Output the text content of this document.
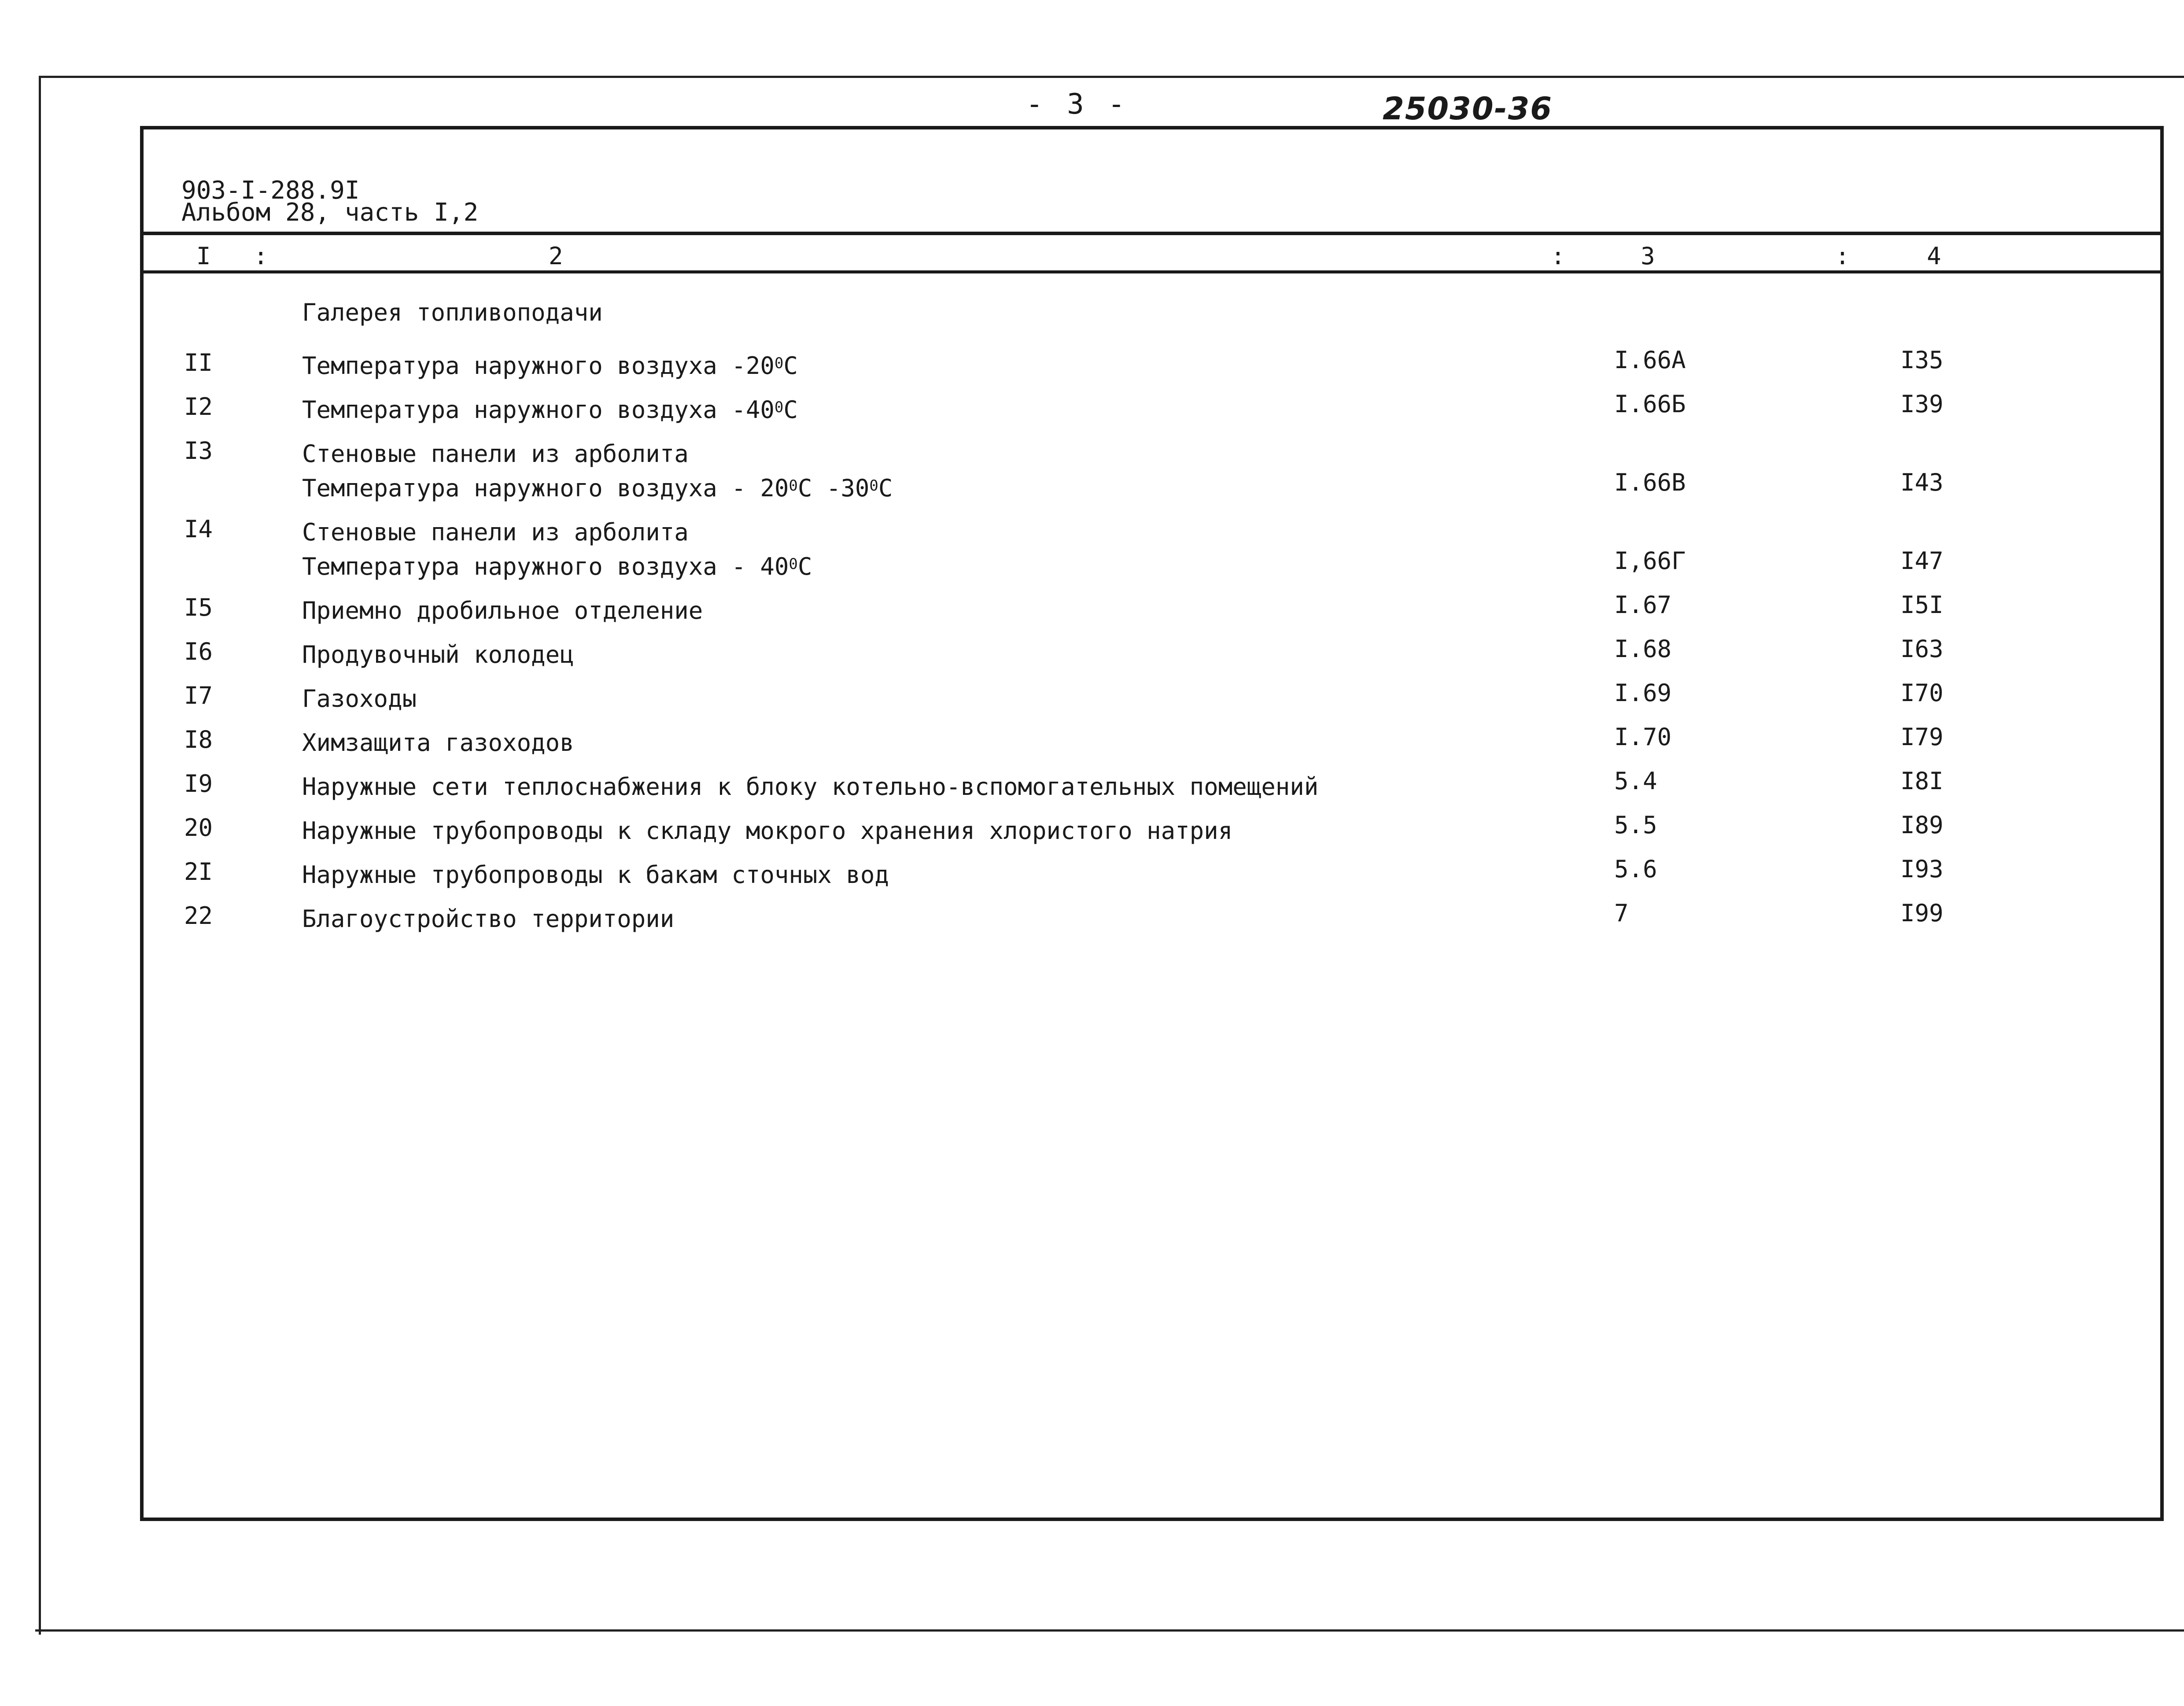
- 3 -	25030-36
903-I-288.9I
Альбом 28, часть I,2
I :	2	:	3	:	4
Галерея топливоподачи
II	Температура наружного воздуха $-20^0С$	I.66А	I35
I2	Температура наружного воздуха $-40^0С$	I.66Б	I39
I3	Стеновые панели из арболита
Температура наружного воздуха - $20^0С$ $-30^0С$	I.66В	I43
I4	Стеновые панели из арболита
Температура наружного воздуха - $40^0С$	I,66Г	I47
I5	Приемно дробильное отделение	I.67	I5I
I6	Продувочный колодец	I.68	I63
I7	Газоходы	I.69	I70
I8	Химзащита газоходов	I.70	I79
I9	Наружные сети теплоснабжения к блоку котельно-вспомогательных помещений	5.4	I8I
20	Наружные трубопроводы к складу мокрого хранения хлористого натрия	5.5	I89
2I	Наружные трубопроводы к бакам сточных вод	5.6	I93
22	Благоустройство территории	7	I99
